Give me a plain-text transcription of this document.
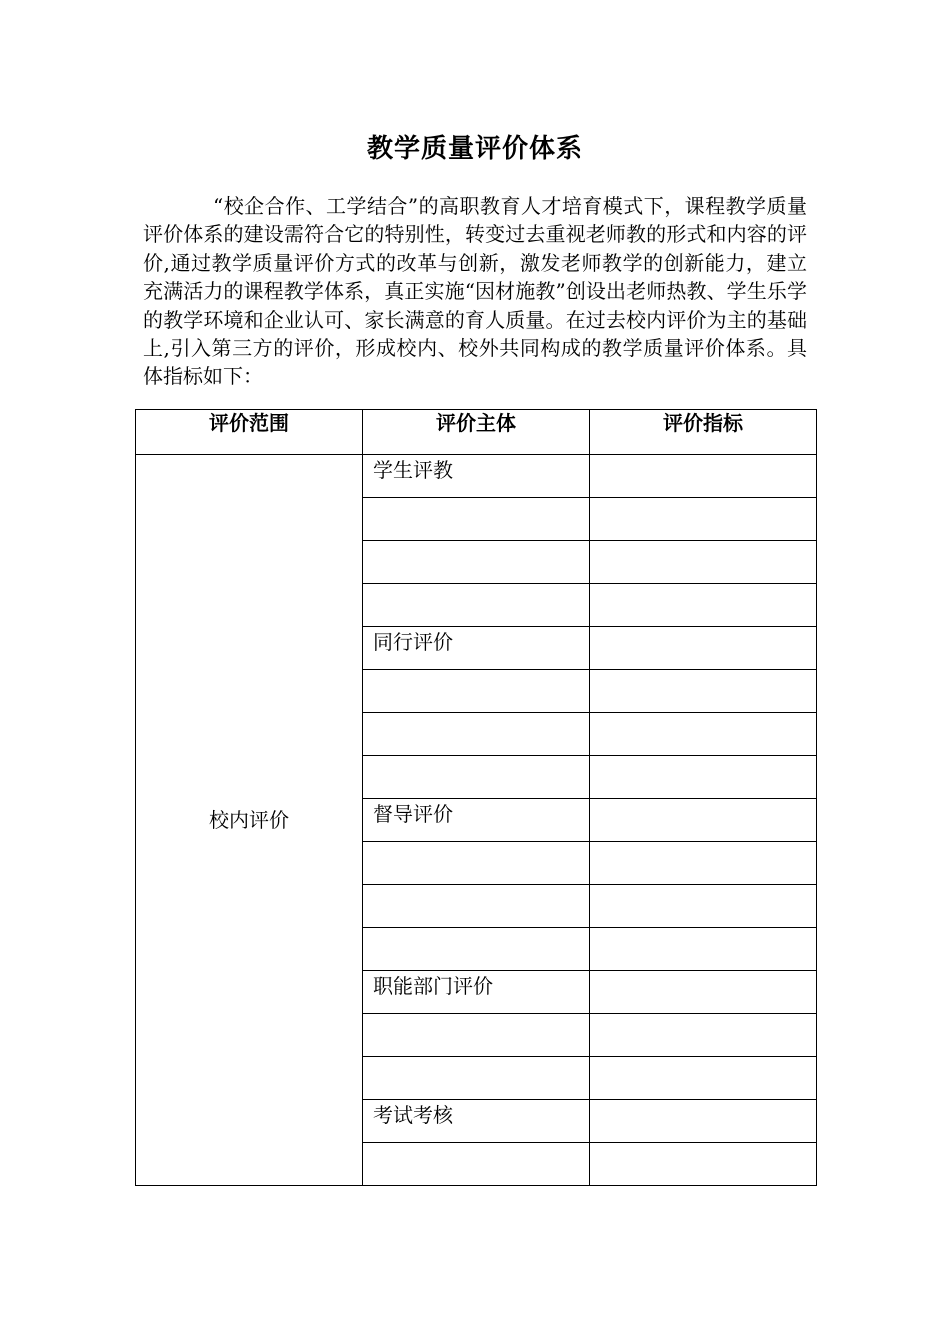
教学质量评价体系

“校企合作、工学结合”的高职教育人才培育模式下，课程教学质量评价体系的建设需符合它的特别性，转变过去重视老师教的形式和内容的评价,通过教学质量评价方式的改革与创新，激发老师教学的创新能力，建立充满活力的课程教学体系，真正实施“因材施教”创设出老师热教、学生乐学的教学环境和企业认可、家长满意的育人质量。在过去校内评价为主的基础上,引入第三方的评价，形成校内、校外共同构成的教学质量评价体系。具体指标如下：

评价范围	评价主体	评价指标
校内评价	学生评教	

	同行评价	

	督导评价	

	职能部门评价	

	考试考核	
